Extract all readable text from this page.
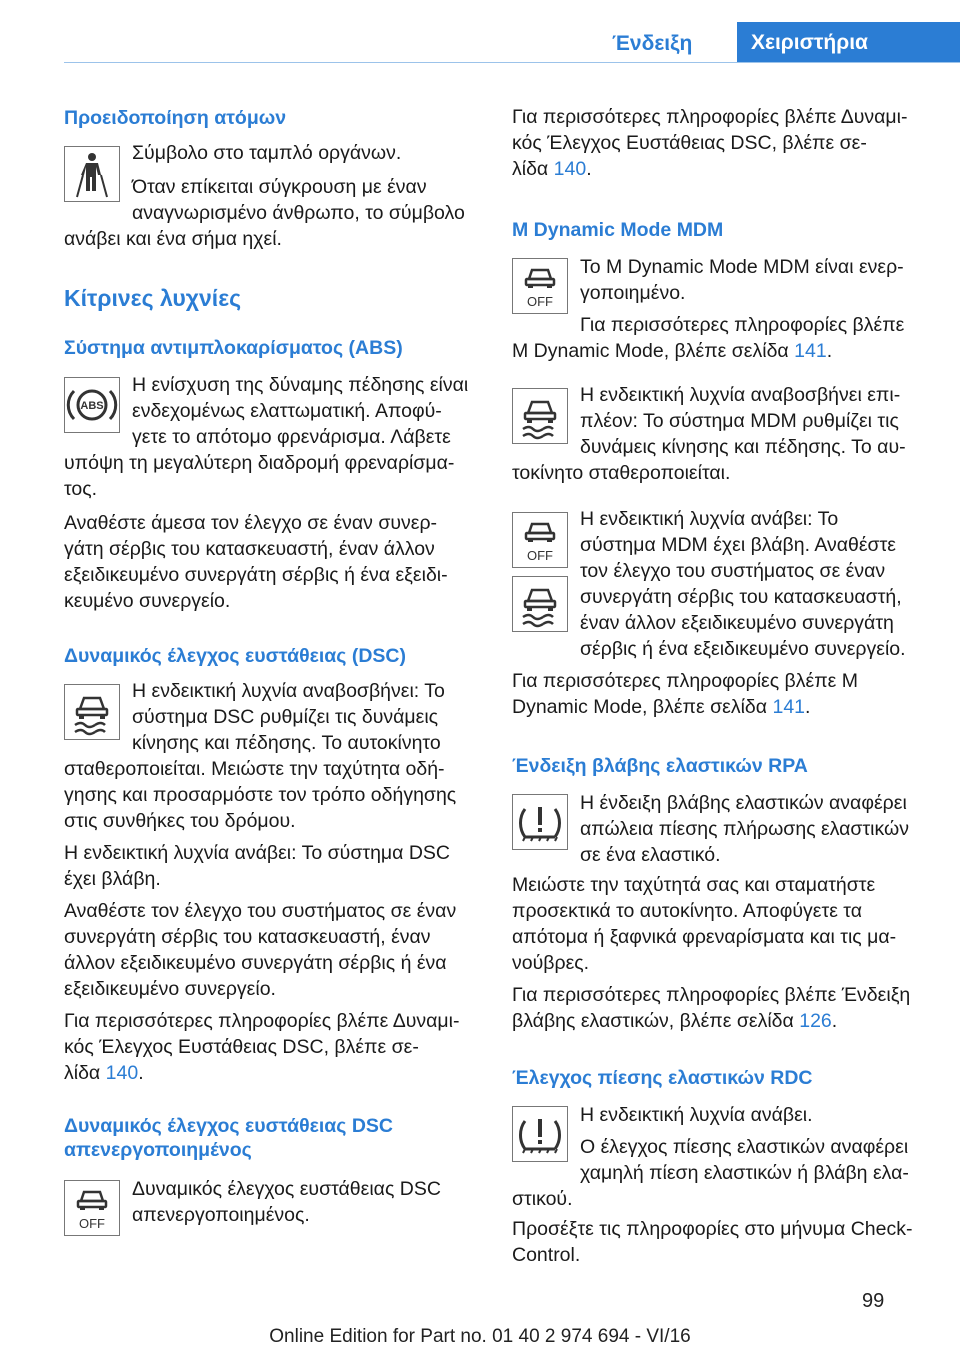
Ένδειξη	Χειριστήρια
Προειδοποίηση ατόμων

Σύμβολο στο ταμπλό οργάνων.

Όταν επίκειται σύγκρουση με έναν

αναγνωρισμένο άνθρωπο, το σύμβολο

ανάβει και ένα σήμα ηχεί.

Κίτρινες λυχνίες
Σύστημα αντιμπλοκαρίσματος (ABS)
ABS

Η ενίσχυση της δύναμης πέδησης είναι

ενδεχομένως ελαττωματική. Αποφύ-

γετε το απότομο φρενάρισμα. Λάβετε

υπόψη τη μεγαλύτερη διαδρομή φρεναρίσμα-

τος.

Αναθέστε άμεσα τον έλεγχο σε έναν συνερ-

γάτη σέρβις του κατασκευαστή, έναν άλλον

εξειδικευμένο συνεργάτη σέρβις ή ένα εξειδι-

κευμένο συνεργείο.

Δυναμικός έλεγχος ευστάθειας (DSC)

Η ενδεικτική λυχνία αναβοσβήνει: Το

σύστημα DSC ρυθμίζει τις δυνάμεις

κίνησης και πέδησης. Το αυτοκίνητο

σταθεροποιείται. Μειώστε την ταχύτητα οδή-

γησης και προσαρμόστε τον τρόπο οδήγησης

στις συνθήκες του δρόμου.

Η ενδεικτική λυχνία ανάβει: Το σύστημα DSC

έχει βλάβη.

Αναθέστε τον έλεγχο του συστήματος σε έναν

συνεργάτη σέρβις του κατασκευαστή, έναν

άλλον εξειδικευμένο συνεργάτη σέρβις ή ένα

εξειδικευμένο συνεργείο.

Για περισσότερες πληροφορίες βλέπε Δυναμι-

κός Έλεγχος Ευστάθειας DSC, βλέπε σε-

λίδα 140.

Δυναμικός έλεγχος ευστάθειας DSC
απενεργοποιημένος
OFF

Δυναμικός έλεγχος ευστάθειας DSC

απενεργοποιημένος.

Για περισσότερες πληροφορίες βλέπε Δυναμι-

κός Έλεγχος Ευστάθειας DSC, βλέπε σε-

λίδα 140.

M Dynamic Mode MDM
OFF

Το M Dynamic Mode MDM είναι ενερ-

γοποιημένο.

Για περισσότερες πληροφορίες βλέπε

M Dynamic Mode, βλέπε σελίδα 141.

Η ενδεικτική λυχνία αναβοσβήνει επι-

πλέον: Το σύστημα MDM ρυθμίζει τις

δυνάμεις κίνησης και πέδησης. Το αυ-

τοκίνητο σταθεροποιείται.

OFF

Η ενδεικτική λυχνία ανάβει: Το

σύστημα MDM έχει βλάβη. Αναθέστε

τον έλεγχο του συστήματος σε έναν

συνεργάτη σέρβις του κατασκευαστή,

έναν άλλον εξειδικευμένο συνεργάτη

σέρβις ή ένα εξειδικευμένο συνεργείο.

Για περισσότερες πληροφορίες βλέπε M

Dynamic Mode, βλέπε σελίδα 141.

Ένδειξη βλάβης ελαστικών RPA

Η ένδειξη βλάβης ελαστικών αναφέρει

απώλεια πίεσης πλήρωσης ελαστικών

σε ένα ελαστικό.

Μειώστε την ταχύτητά σας και σταματήστε

προσεκτικά το αυτοκίνητο. Αποφύγετε τα

απότομα ή ξαφνικά φρεναρίσματα και τις μα-

νούβρες.

Για περισσότερες πληροφορίες βλέπε Ένδειξη

βλάβης ελαστικών, βλέπε σελίδα 126.

Έλεγχος πίεσης ελαστικών RDC

Η ενδεικτική λυχνία ανάβει.

Ο έλεγχος πίεσης ελαστικών αναφέρει

χαμηλή πίεση ελαστικών ή βλάβη ελα-

στικού.

Προσέξτε τις πληροφορίες στο μήνυμα Check-

Control.

99
Online Edition for Part no. 01 40 2 974 694 - VI/16
